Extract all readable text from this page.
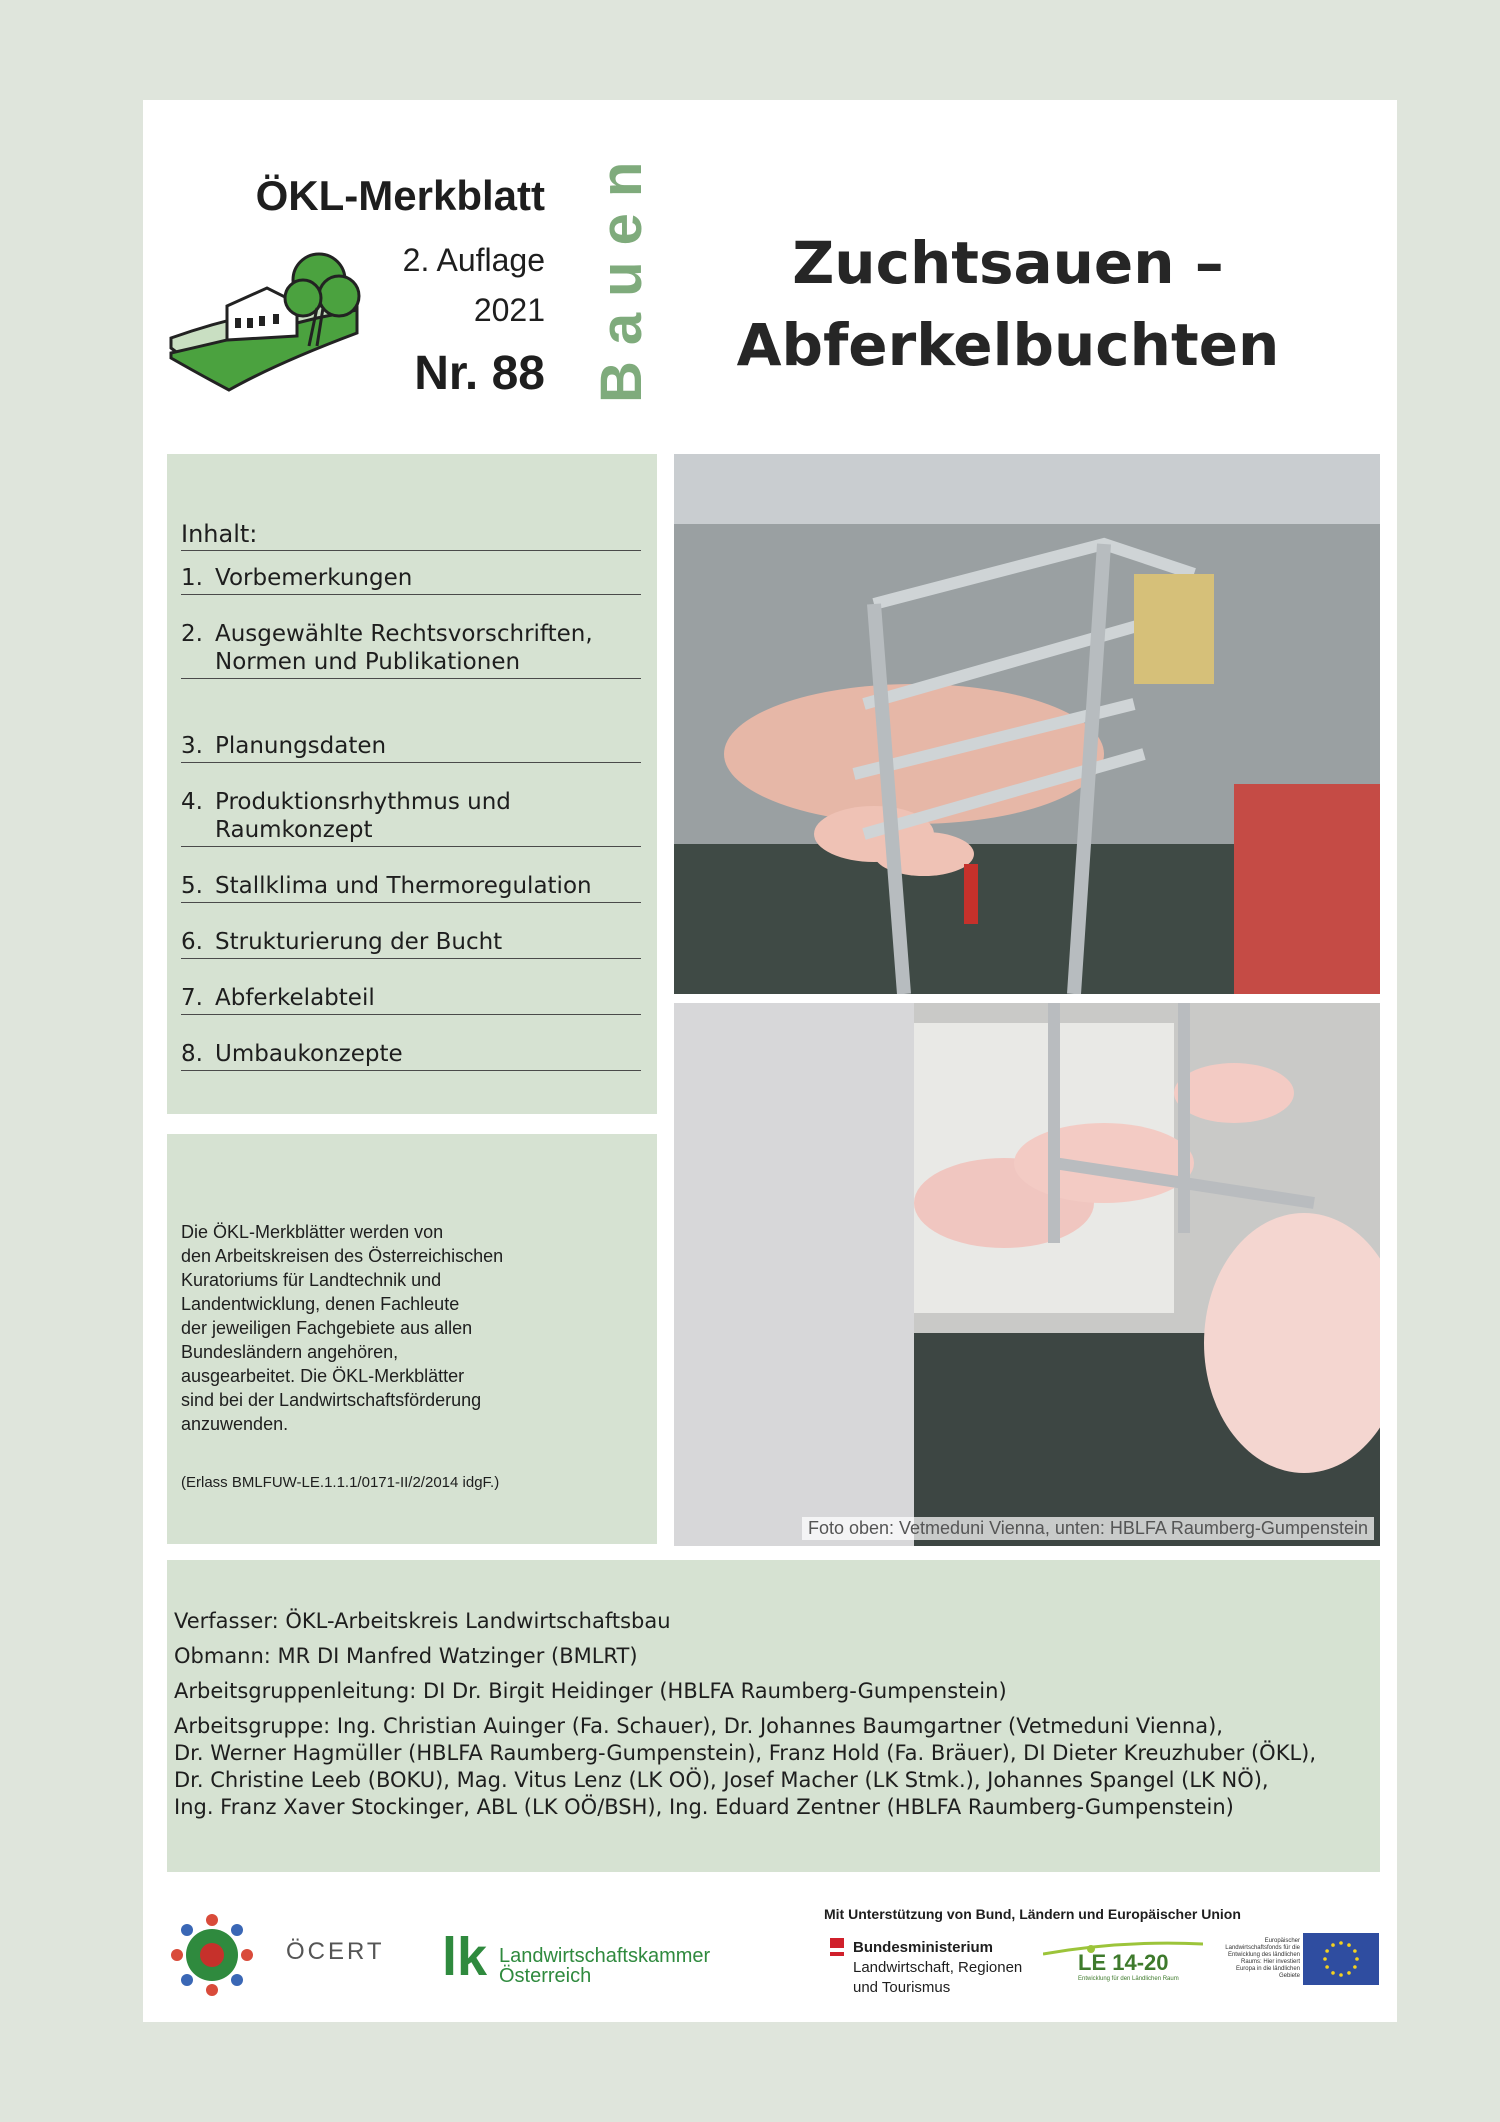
ÖKL-Merkblatt
2. Auflage
2021
Nr. 88 Bauen	Zuchtsauen –
Abferkelbuchten
Inhalt:
1. Vorbemerkungen
2. Ausgewählte Rechtsvorschriften,
Normen und Publikationen
3. Planungsdaten
4. Produktionsrhythmus und
Raumkonzept
5. Stallklima und Thermoregulation
6. Strukturierung der Bucht
7. Abferkelabteil
8. Umbaukonzepte
Foto oben: Vetmeduni Vienna, unten: HBLFA Raumberg-Gumpenstein
Die ÖKL-Merkblätter werden von
den Arbeitskreisen des Österreichischen
Kuratoriums für Landtechnik und
Landentwicklung, denen Fachleute
der jeweiligen Fachgebiete aus allen
Bundesländern angehören,
ausgearbeitet. Die ÖKL-Merkblätter
sind bei der Landwirtschaftsförderung
anzuwenden.
(Erlass BMLFUW-LE.1.1.1/0171-II/2/2014 idgF.)
Verfasser: ÖKL-Arbeitskreis Landwirtschaftsbau
Obmann: MR DI Manfred Watzinger (BMLRT)
Arbeitsgruppenleitung: DI Dr. Birgit Heidinger (HBLFA Raumberg-Gumpenstein)
Arbeitsgruppe: Ing. Christian Auinger (Fa. Schauer), Dr. Johannes Baumgartner (Vetmeduni Vienna),
Dr. Werner Hagmüller (HBLFA Raumberg-Gumpenstein), Franz Hold (Fa. Bräuer), DI Dieter Kreuzhuber (ÖKL),
Dr. Christine Leeb (BOKU), Mag. Vitus Lenz (LK OÖ), Josef Macher (LK Stmk.), Johannes Spangel (LK NÖ),
Ing. Franz Xaver Stockinger, ABL (LK OÖ/BSH), Ing. Eduard Zentner (HBLFA Raumberg-Gumpenstein)
ÖCERT lk Landwirtschaftskammer
Österreich
Mit Unterstützung von Bund, Ländern und Europäischer Union
Bundesministerium
Landwirtschaft, Regionen
und Tourismus
LE 14-20
Entwicklung für den Ländlichen Raum
Europäischer Landwirtschaftsfonds für die Entwicklung des ländlichen Raums: Hier investiert Europa in die ländlichen Gebiete
